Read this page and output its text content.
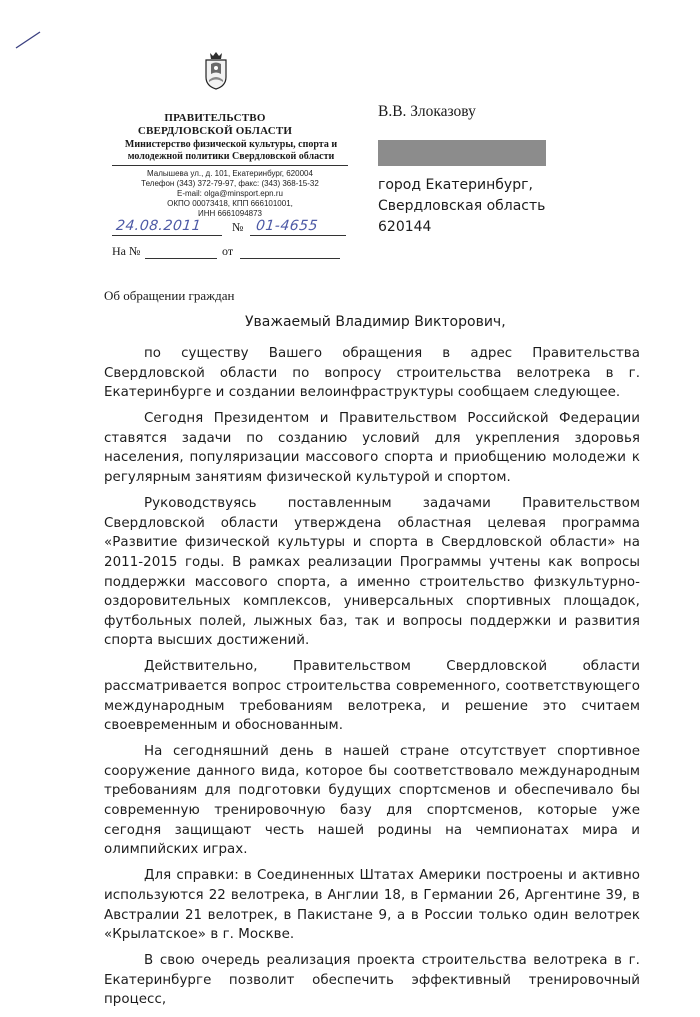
ПРАВИТЕЛЬСТВО
СВЕРДЛОВСКОЙ ОБЛАСТИ
Министерство физической культуры, спорта и
молодежной политики Свердловской области
Малышева ул., д. 101, Екатеринбург, 620004
Телефон (343) 372-79-97, факс: (343) 368-15-32
E-mail: olga@minsport.epn.ru
ОКПО 00073418, КПП 666101001,
ИНН 6661094873
24.08.2011 № 01-4655
На №	от
В.В. Злоказову
город Екатеринбург,
Свердловская область
620144
Об обращении граждан
Уважаемый Владимир Викторович,

по существу Вашего обращения в адрес Правительства Свердловской области по вопросу строительства велотрека в г. Екатеринбурге и создании велоинфраструктуры сообщаем следующее.

Сегодня Президентом и Правительством Российской Федерации ставятся задачи по созданию условий для укрепления здоровья населения, популяризации массового спорта и приобщению молодежи к регулярным занятиям физической культурой и спортом.

Руководствуясь поставленным задачами Правительством Свердловской области утверждена областная целевая программа «Развитие физической культуры и спорта в Свердловской области» на 2011-2015 годы. В рамках реализации Программы учтены как вопросы поддержки массового спорта, а именно строительство физкультурно-оздоровительных комплексов, универсальных спортивных площадок, футбольных полей, лыжных баз, так и вопросы поддержки и развития спорта высших достижений.

Действительно, Правительством Свердловской области рассматривается вопрос строительства современного, соответствующего международным требованиям велотрека, и решение это считаем своевременным и обоснованным.

На сегодняшний день в нашей стране отсутствует спортивное сооружение данного вида, которое бы соответствовало международным требованиям для подготовки будущих спортсменов и обеспечивало бы современную тренировочную базу для спортсменов, которые уже сегодня защищают честь нашей родины на чемпионатах мира и олимпийских играх.

Для справки: в Соединенных Штатах Америки построены и активно используются 22 велотрека, в Англии 18, в Германии 26, Аргентине 39, в Австралии 21 велотрек, в Пакистане 9, а в России только один велотрек «Крылатское» в г. Москве.

В свою очередь реализация проекта строительства велотрека в г. Екатеринбурге позволит обеспечить эффективный тренировочный процесс,
